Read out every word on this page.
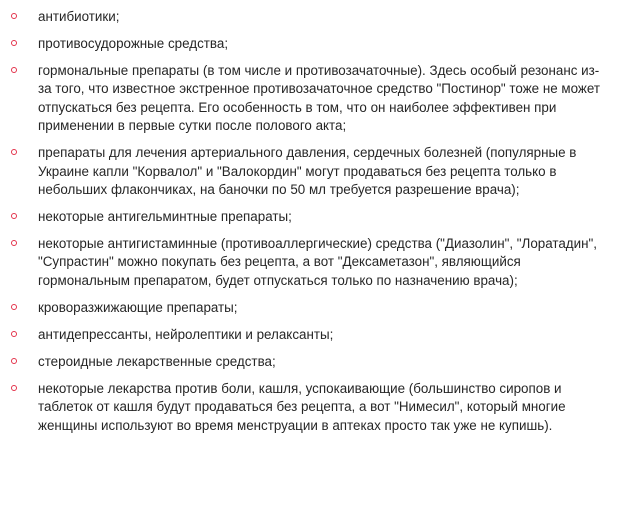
антибиотики;
противосудорожные средства;
гормональные препараты (в том числе и противозачаточные). Здесь особый резонанс из-за того, что известное экстренное противозачаточное средство "Постинор" тоже не может отпускаться без рецепта. Его особенность в том, что он наиболее эффективен при применении в первые сутки после полового акта;
препараты для лечения артериального давления, сердечных болезней (популярные в Украине капли "Корвалол" и "Валокордин" могут продаваться без рецепта только в небольших флакончиках, на баночки по 50 мл требуется разрешение врача);
некоторые антигельминтные препараты;
некоторые антигистаминные (противоаллергические) средства ("Диазолин", "Лоратадин", "Супрастин" можно покупать без рецепта, а вот "Дексаметазон", являющийся гормональным препаратом, будет отпускаться только по назначению врача);
кроворазжижающие препараты;
антидепрессанты, нейролептики и релаксанты;
стероидные лекарственные средства;
некоторые лекарства против боли, кашля, успокаивающие (большинство сиропов и таблеток от кашля будут продаваться без рецепта, а вот "Нимесил", который многие женщины используют во время менструации в аптеках просто так уже не купишь).
